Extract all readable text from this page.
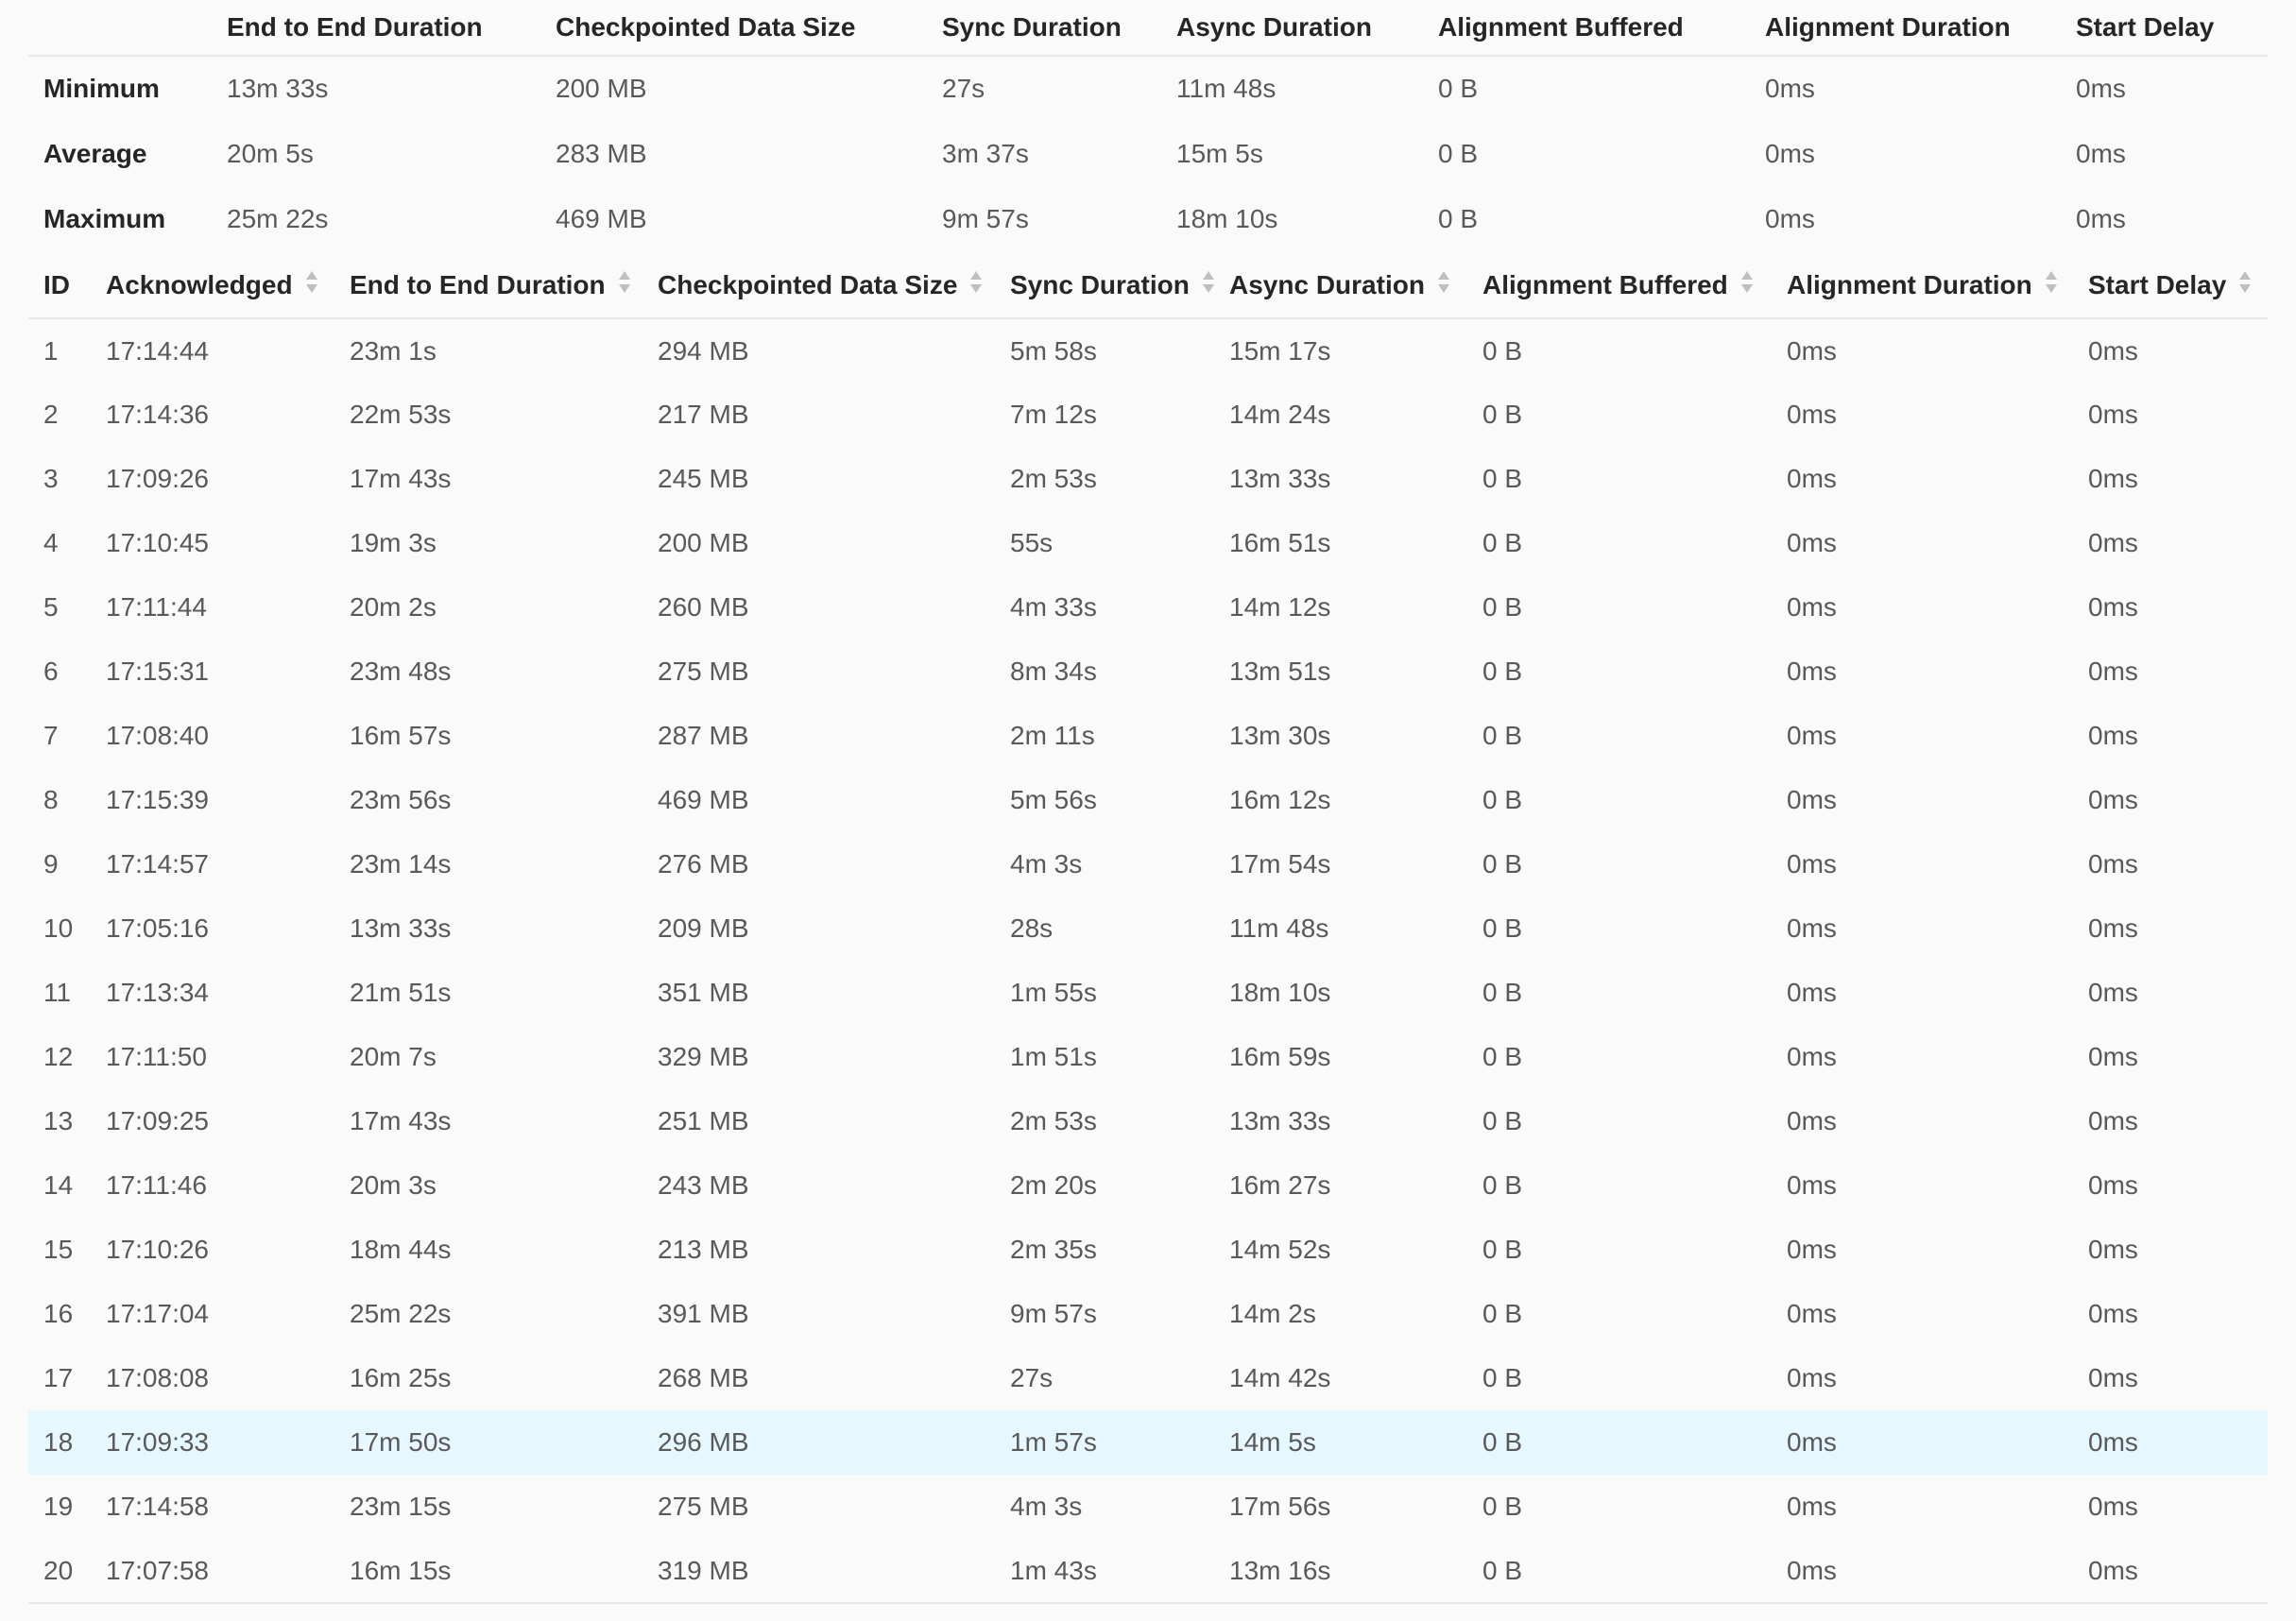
	End to End Duration	Checkpointed Data Size	Sync Duration	Async Duration	Alignment Buffered	Alignment Duration	Start Delay
Minimum	13m 33s	200 MB	27s	11m 48s	0 B	0ms	0ms
Average	20m 5s	283 MB	3m 37s	15m 5s	0 B	0ms	0ms
Maximum	25m 22s	469 MB	9m 57s	18m 10s	0 B	0ms	0ms
ID	Acknowledged	End to End Duration	Checkpointed Data Size	Sync Duration	Async Duration	Alignment Buffered	Alignment Duration	Start Delay

1	17:14:44	23m 1s	294 MB	5m 58s	15m 17s	0 B	0ms	0ms
2	17:14:36	22m 53s	217 MB	7m 12s	14m 24s	0 B	0ms	0ms
3	17:09:26	17m 43s	245 MB	2m 53s	13m 33s	0 B	0ms	0ms
4	17:10:45	19m 3s	200 MB	55s	16m 51s	0 B	0ms	0ms
5	17:11:44	20m 2s	260 MB	4m 33s	14m 12s	0 B	0ms	0ms
6	17:15:31	23m 48s	275 MB	8m 34s	13m 51s	0 B	0ms	0ms
7	17:08:40	16m 57s	287 MB	2m 11s	13m 30s	0 B	0ms	0ms
8	17:15:39	23m 56s	469 MB	5m 56s	16m 12s	0 B	0ms	0ms
9	17:14:57	23m 14s	276 MB	4m 3s	17m 54s	0 B	0ms	0ms
10	17:05:16	13m 33s	209 MB	28s	11m 48s	0 B	0ms	0ms
11	17:13:34	21m 51s	351 MB	1m 55s	18m 10s	0 B	0ms	0ms
12	17:11:50	20m 7s	329 MB	1m 51s	16m 59s	0 B	0ms	0ms
13	17:09:25	17m 43s	251 MB	2m 53s	13m 33s	0 B	0ms	0ms
14	17:11:46	20m 3s	243 MB	2m 20s	16m 27s	0 B	0ms	0ms
15	17:10:26	18m 44s	213 MB	2m 35s	14m 52s	0 B	0ms	0ms
16	17:17:04	25m 22s	391 MB	9m 57s	14m 2s	0 B	0ms	0ms
17	17:08:08	16m 25s	268 MB	27s	14m 42s	0 B	0ms	0ms
18	17:09:33	17m 50s	296 MB	1m 57s	14m 5s	0 B	0ms	0ms
19	17:14:58	23m 15s	275 MB	4m 3s	17m 56s	0 B	0ms	0ms
20	17:07:58	16m 15s	319 MB	1m 43s	13m 16s	0 B	0ms	0ms
